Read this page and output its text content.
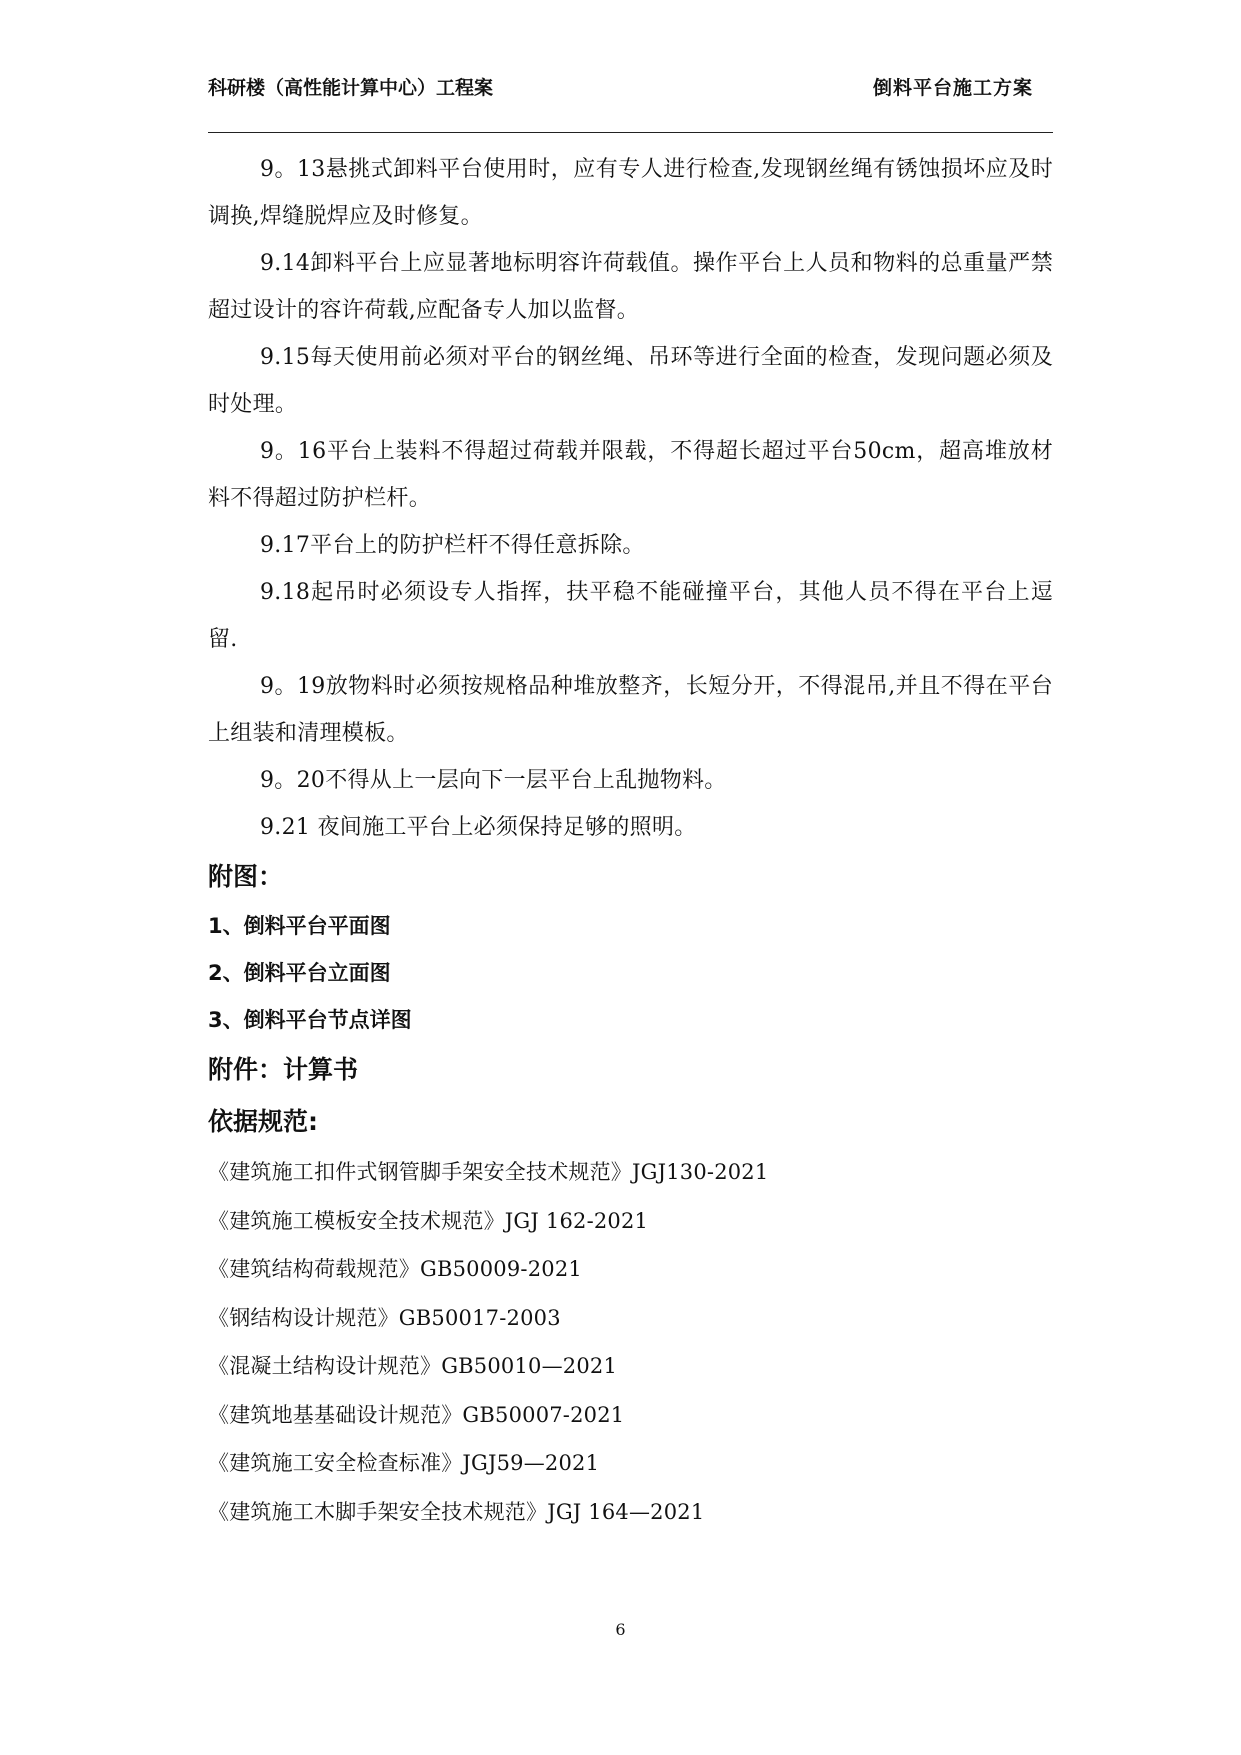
科研楼（高性能计算中心）工程案	倒料平台施工方案

9。13悬挑式卸料平台使用时，应有专人进行检查,发现钢丝绳有锈蚀损坏应及时调换,焊缝脱焊应及时修复。

9.14卸料平台上应显著地标明容许荷载值。操作平台上人员和物料的总重量严禁超过设计的容许荷载,应配备专人加以监督。

9.15每天使用前必须对平台的钢丝绳、吊环等进行全面的检查，发现问题必须及时处理。

9。16平台上装料不得超过荷载并限载，不得超长超过平台50cm，超高堆放材料不得超过防护栏杆。

9.17平台上的防护栏杆不得任意拆除。

9.18起吊时必须设专人指挥，扶平稳不能碰撞平台，其他人员不得在平台上逗留.

9。19放物料时必须按规格品种堆放整齐，长短分开，不得混吊,并且不得在平台上组装和清理模板。

9。20不得从上一层向下一层平台上乱抛物料。

9.21 夜间施工平台上必须保持足够的照明。

附图：

1、倒料平台平面图

2、倒料平台立面图

3、倒料平台节点详图

附件：计算书

依据规范:

《建筑施工扣件式钢管脚手架安全技术规范》JGJ130-2021
《建筑施工模板安全技术规范》JGJ 162-2021
《建筑结构荷载规范》GB50009-2021
《钢结构设计规范》GB50017-2003
《混凝土结构设计规范》GB50010—2021
《建筑地基基础设计规范》GB50007-2021
《建筑施工安全检查标准》JGJ59—2021
《建筑施工木脚手架安全技术规范》JGJ 164—2021
6
